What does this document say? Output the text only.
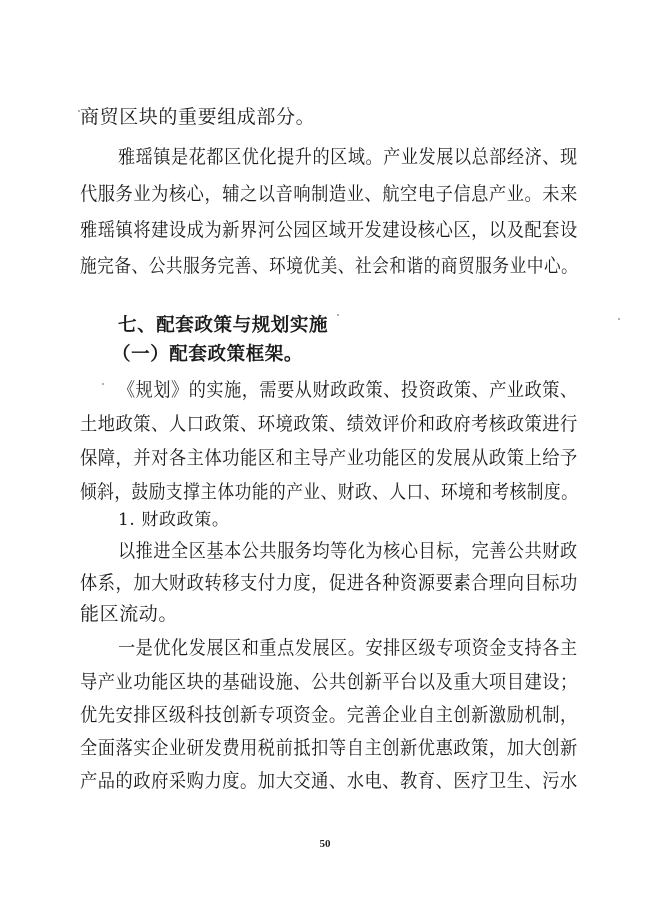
商贸区块的重要组成部分。
雅瑶镇是花都区优化提升的区域。产业发展以总部经济、现
代服务业为核心，辅之以音响制造业、航空电子信息产业。未来
雅瑶镇将建设成为新界河公园区域开发建设核心区，以及配套设
施完备、公共服务完善、环境优美、社会和谐的商贸服务业中心。
七、配套政策与规划实施
（一）配套政策框架。
《规划》的实施，需要从财政政策、投资政策、产业政策、
土地政策、人口政策、环境政策、绩效评价和政府考核政策进行
保障，并对各主体功能区和主导产业功能区的发展从政策上给予
倾斜，鼓励支撑主体功能的产业、财政、人口、环境和考核制度。
1. 财政政策。
以推进全区基本公共服务均等化为核心目标，完善公共财政
体系，加大财政转移支付力度，促进各种资源要素合理向目标功
能区流动。
一是优化发展区和重点发展区。安排区级专项资金支持各主
导产业功能区块的基础设施、公共创新平台以及重大项目建设；
优先安排区级科技创新专项资金。完善企业自主创新激励机制，
全面落实企业研发费用税前抵扣等自主创新优惠政策，加大创新
产品的政府采购力度。加大交通、水电、教育、医疗卫生、污水
50
